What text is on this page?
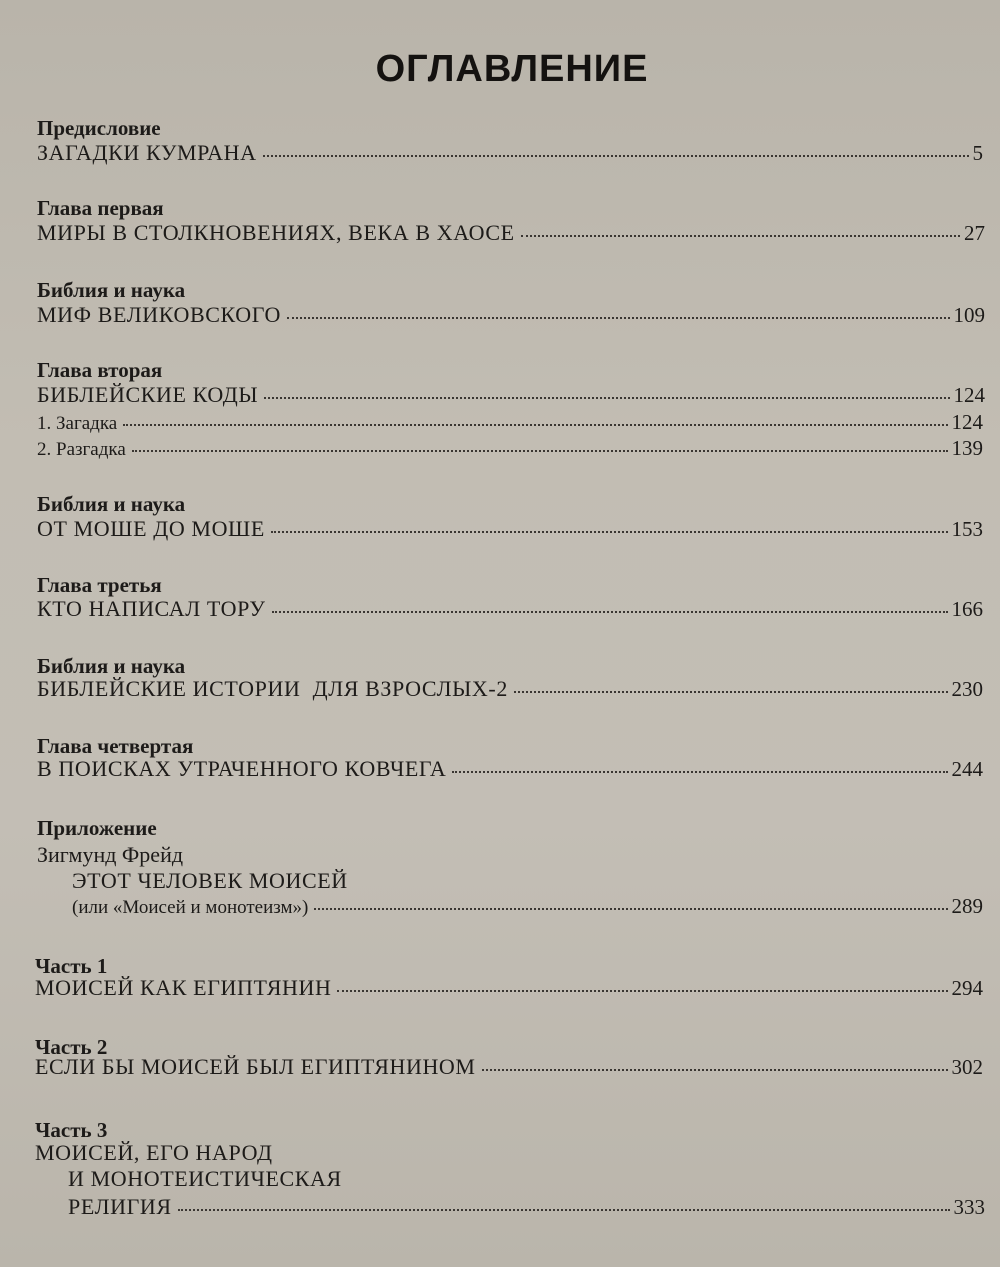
ОГЛАВЛЕНИЕ
Предисловие
ЗАГАДКИ КУМРАНА	5
Глава первая
МИРЫ В СТОЛКНОВЕНИЯХ, ВЕКА В ХАОСЕ	27
Библия и наука
МИФ ВЕЛИКОВСКОГО	109
Глава вторая
БИБЛЕЙСКИЕ КОДЫ	124
1. Загадка	124
2. Разгадка	139
Библия и наука
ОТ МОШЕ ДО МОШЕ	153
Глава третья
КТО НАПИСАЛ ТОРУ	166
Библия и наука
БИБЛЕЙСКИЕ ИСТОРИИ  ДЛЯ ВЗРОСЛЫХ-2	230
Глава четвертая
В ПОИСКАХ УТРАЧЕННОГО КОВЧЕГА	244
Приложение
Зигмунд Фрейд
ЭТОТ ЧЕЛОВЕК МОИСЕЙ
(или «Моисей и монотеизм»)	289
Часть 1
МОИСЕЙ КАК ЕГИПТЯНИН	294
Часть 2
ЕСЛИ БЫ МОИСЕЙ БЫЛ ЕГИПТЯНИНОМ	302
Часть 3
МОИСЕЙ, ЕГО НАРОД
И МОНОТЕИСТИЧЕСКАЯ
РЕЛИГИЯ	333
